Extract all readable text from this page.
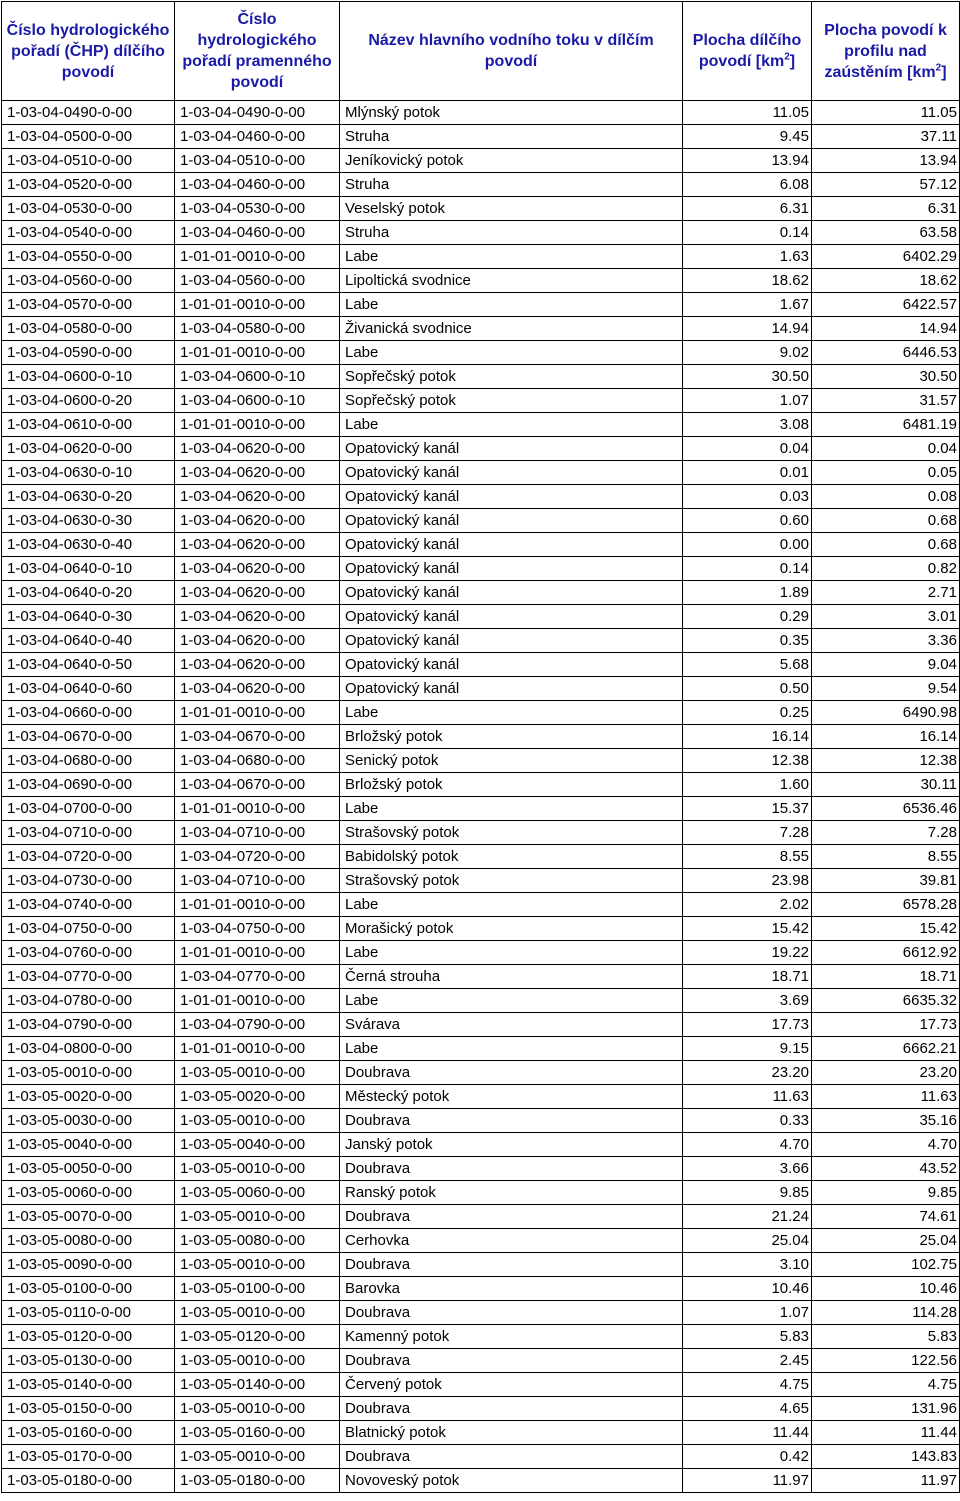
Číslo hydrologického pořadí (ČHP) dílčího povodí	Číslo hydrologického pořadí pramenného povodí	Název hlavního vodního toku v dílčím povodí	Plocha dílčího povodí $[km^2]$	Plocha povodí k profilu nad zaústěním $[km^2]$
1-03-04-0490-0-00	1-03-04-0490-0-00	Mlýnský potok	11.05	11.05
1-03-04-0500-0-00	1-03-04-0460-0-00	Struha	9.45	37.11
1-03-04-0510-0-00	1-03-04-0510-0-00	Jeníkovický potok	13.94	13.94
1-03-04-0520-0-00	1-03-04-0460-0-00	Struha	6.08	57.12
1-03-04-0530-0-00	1-03-04-0530-0-00	Veselský potok	6.31	6.31
1-03-04-0540-0-00	1-03-04-0460-0-00	Struha	0.14	63.58
1-03-04-0550-0-00	1-01-01-0010-0-00	Labe	1.63	6402.29
1-03-04-0560-0-00	1-03-04-0560-0-00	Lipoltická svodnice	18.62	18.62
1-03-04-0570-0-00	1-01-01-0010-0-00	Labe	1.67	6422.57
1-03-04-0580-0-00	1-03-04-0580-0-00	Živanická svodnice	14.94	14.94
1-03-04-0590-0-00	1-01-01-0010-0-00	Labe	9.02	6446.53
1-03-04-0600-0-10	1-03-04-0600-0-10	Sopřečský potok	30.50	30.50
1-03-04-0600-0-20	1-03-04-0600-0-10	Sopřečský potok	1.07	31.57
1-03-04-0610-0-00	1-01-01-0010-0-00	Labe	3.08	6481.19
1-03-04-0620-0-00	1-03-04-0620-0-00	Opatovický kanál	0.04	0.04
1-03-04-0630-0-10	1-03-04-0620-0-00	Opatovický kanál	0.01	0.05
1-03-04-0630-0-20	1-03-04-0620-0-00	Opatovický kanál	0.03	0.08
1-03-04-0630-0-30	1-03-04-0620-0-00	Opatovický kanál	0.60	0.68
1-03-04-0630-0-40	1-03-04-0620-0-00	Opatovický kanál	0.00	0.68
1-03-04-0640-0-10	1-03-04-0620-0-00	Opatovický kanál	0.14	0.82
1-03-04-0640-0-20	1-03-04-0620-0-00	Opatovický kanál	1.89	2.71
1-03-04-0640-0-30	1-03-04-0620-0-00	Opatovický kanál	0.29	3.01
1-03-04-0640-0-40	1-03-04-0620-0-00	Opatovický kanál	0.35	3.36
1-03-04-0640-0-50	1-03-04-0620-0-00	Opatovický kanál	5.68	9.04
1-03-04-0640-0-60	1-03-04-0620-0-00	Opatovický kanál	0.50	9.54
1-03-04-0660-0-00	1-01-01-0010-0-00	Labe	0.25	6490.98
1-03-04-0670-0-00	1-03-04-0670-0-00	Brložský potok	16.14	16.14
1-03-04-0680-0-00	1-03-04-0680-0-00	Senický potok	12.38	12.38
1-03-04-0690-0-00	1-03-04-0670-0-00	Brložský potok	1.60	30.11
1-03-04-0700-0-00	1-01-01-0010-0-00	Labe	15.37	6536.46
1-03-04-0710-0-00	1-03-04-0710-0-00	Strašovský potok	7.28	7.28
1-03-04-0720-0-00	1-03-04-0720-0-00	Babidolský potok	8.55	8.55
1-03-04-0730-0-00	1-03-04-0710-0-00	Strašovský potok	23.98	39.81
1-03-04-0740-0-00	1-01-01-0010-0-00	Labe	2.02	6578.28
1-03-04-0750-0-00	1-03-04-0750-0-00	Morašický potok	15.42	15.42
1-03-04-0760-0-00	1-01-01-0010-0-00	Labe	19.22	6612.92
1-03-04-0770-0-00	1-03-04-0770-0-00	Černá strouha	18.71	18.71
1-03-04-0780-0-00	1-01-01-0010-0-00	Labe	3.69	6635.32
1-03-04-0790-0-00	1-03-04-0790-0-00	Svárava	17.73	17.73
1-03-04-0800-0-00	1-01-01-0010-0-00	Labe	9.15	6662.21
1-03-05-0010-0-00	1-03-05-0010-0-00	Doubrava	23.20	23.20
1-03-05-0020-0-00	1-03-05-0020-0-00	Městecký potok	11.63	11.63
1-03-05-0030-0-00	1-03-05-0010-0-00	Doubrava	0.33	35.16
1-03-05-0040-0-00	1-03-05-0040-0-00	Janský potok	4.70	4.70
1-03-05-0050-0-00	1-03-05-0010-0-00	Doubrava	3.66	43.52
1-03-05-0060-0-00	1-03-05-0060-0-00	Ranský potok	9.85	9.85
1-03-05-0070-0-00	1-03-05-0010-0-00	Doubrava	21.24	74.61
1-03-05-0080-0-00	1-03-05-0080-0-00	Cerhovka	25.04	25.04
1-03-05-0090-0-00	1-03-05-0010-0-00	Doubrava	3.10	102.75
1-03-05-0100-0-00	1-03-05-0100-0-00	Barovka	10.46	10.46
1-03-05-0110-0-00	1-03-05-0010-0-00	Doubrava	1.07	114.28
1-03-05-0120-0-00	1-03-05-0120-0-00	Kamenný potok	5.83	5.83
1-03-05-0130-0-00	1-03-05-0010-0-00	Doubrava	2.45	122.56
1-03-05-0140-0-00	1-03-05-0140-0-00	Červený potok	4.75	4.75
1-03-05-0150-0-00	1-03-05-0010-0-00	Doubrava	4.65	131.96
1-03-05-0160-0-00	1-03-05-0160-0-00	Blatnický potok	11.44	11.44
1-03-05-0170-0-00	1-03-05-0010-0-00	Doubrava	0.42	143.83
1-03-05-0180-0-00	1-03-05-0180-0-00	Novoveský potok	11.97	11.97
